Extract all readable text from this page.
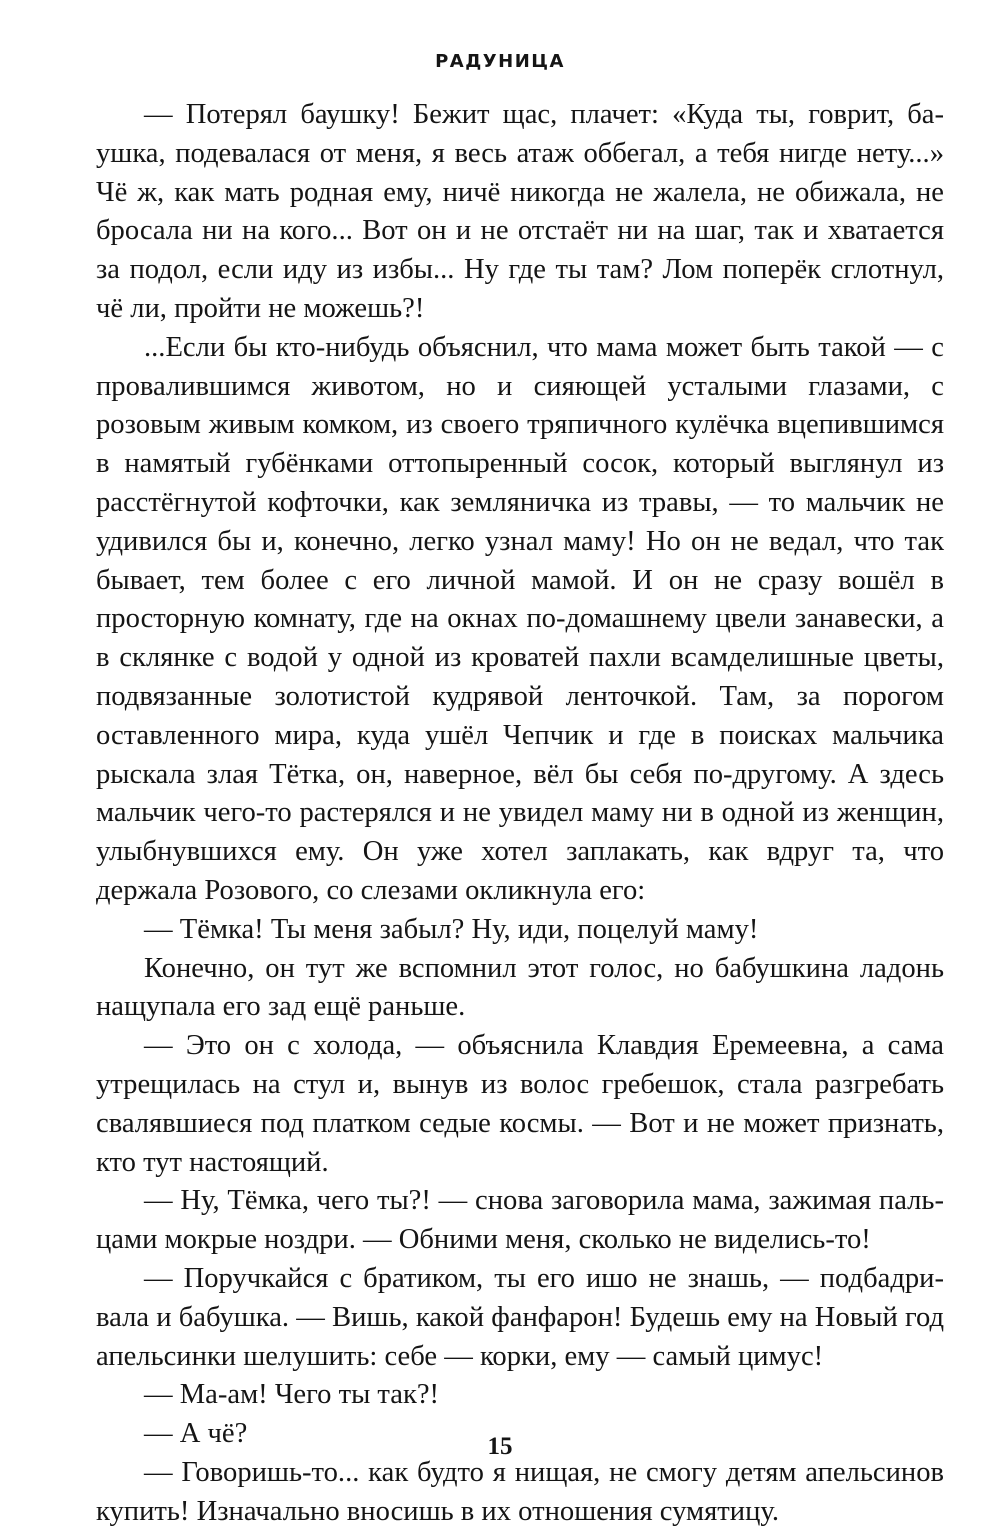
радуница

— Потерял баушку! Бежит щас, плачет: «Куда ты, говрит, баушка, подевалася от меня, я весь атаж оббегал, а тебя нигде нету...» Чё ж, как мать родная ему, ничё никогда не жалела, не обижала, не бросала ни на кого... Вот он и не отстаёт ни на шаг, так и хватается за подол, если иду из избы... Ну где ты там? Лом поперёк сглотнул, чё ли, пройти не можешь?!

...Если бы кто-нибудь объяснил, что мама может быть такой — с провалившимся животом, но и сияющей усталыми глазами, с розовым живым комком, из своего тряпичного кулёчка вцепившимся в намятый губёнками оттопыренный сосок, который выглянул из расстёгнутой кофточки, как земляничка из травы, — то мальчик не удивился бы и, конечно, легко узнал маму! Но он не ведал, что так бывает, тем более с его личной мамой. И он не сразу вошёл в просторную комнату, где на окнах по-домашнему цвели занавески, а в склянке с водой у одной из кроватей пахли всамделишные цветы, подвязанные золотистой кудрявой ленточкой. Там, за порогом оставленного мира, куда ушёл Чепчик и где в поисках мальчика рыскала злая Тётка, он, наверное, вёл бы себя по-другому. А здесь мальчик чего-то растерялся и не увидел маму ни в одной из женщин, улыбнувшихся ему. Он уже хотел заплакать, как вдруг та, что держала Розового, со слезами окликнула его:

— Тёмка! Ты меня забыл? Ну, иди, поцелуй маму!

Конечно, он тут же вспомнил этот голос, но бабушкина ладонь нащупала его зад ещё раньше.

— Это он с холода, — объяснила Клавдия Еремеевна, а сама утрещилась на стул и, вынув из волос гребешок, стала разгребать свалявшиеся под платком седые космы. — Вот и не может признать, кто тут настоящий.

— Ну, Тёмка, чего ты?! — снова заговорила мама, зажимая пальцами мокрые ноздри. — Обними меня, сколько не виделись-то!

— Поручкайся с братиком, ты его ишо не знашь, — подбадривала и бабушка. — Вишь, какой фанфарон! Будешь ему на Новый год апельсинки шелушить: себе — корки, ему — самый цимус!

— Ма-ам! Чего ты так?!

— А чё?

— Говоришь-то... как будто я нищая, не смогу детям апельсинов купить! Изначально вносишь в их отношения сумятицу.

15
